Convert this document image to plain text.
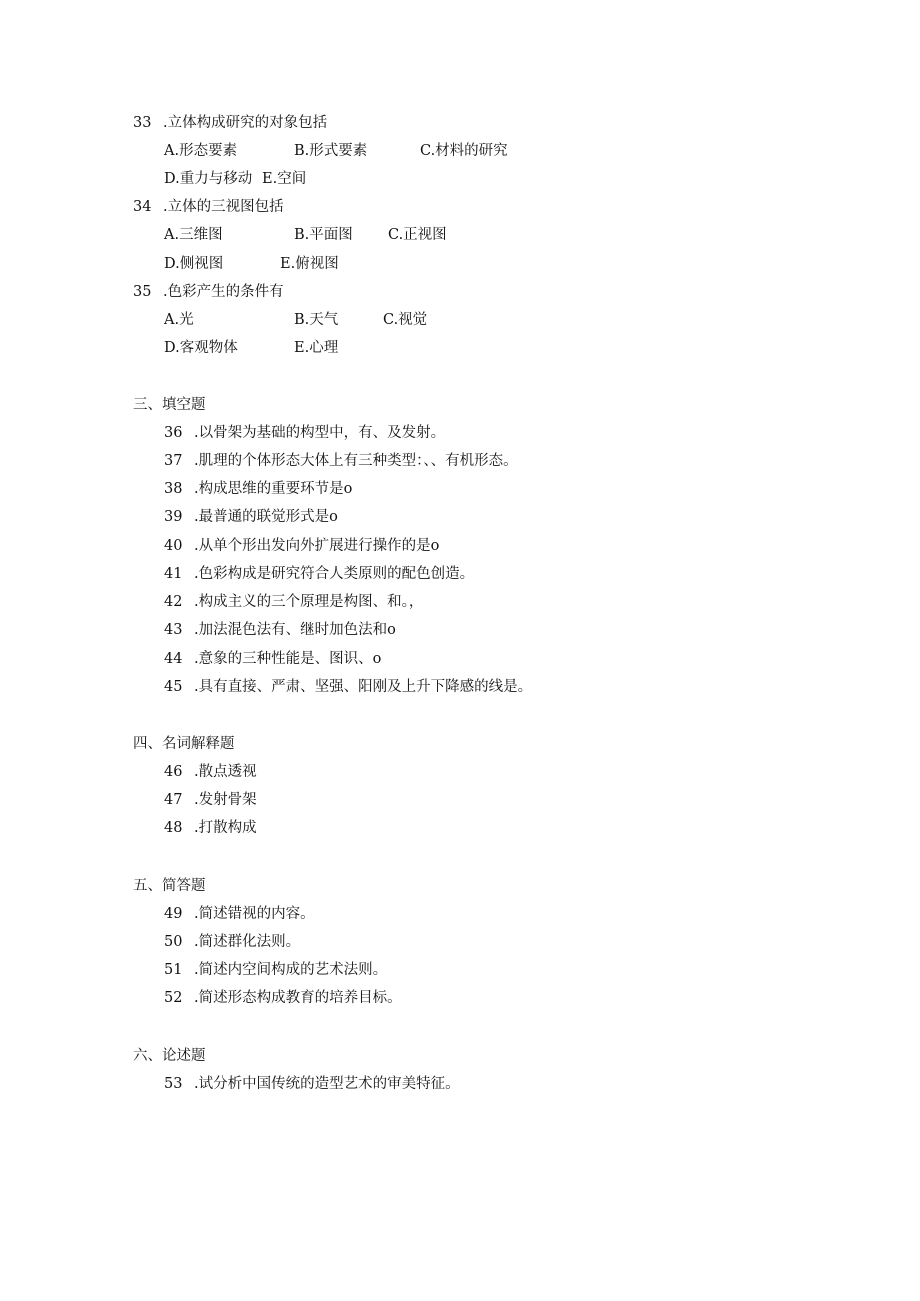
33 .立体构成研究的对象包括
A.形态要素	B.形式要素	C.材料的研究
D.重力与移动 E.空间
34 .立体的三视图包括
A.三维图	B.平面图 C.正视图
D.侧视图	E.俯视图
35 .色彩产生的条件有
A.光	B.天气	C.视觉
D.客观物体	E.心理
三、填空题
36 .以骨架为基础的构型中，有、及发射。
37 .肌理的个体形态大体上有三种类型：、、有机形态。
38 .构成思维的重要环节是o
39 .最普通的联觉形式是o
40 .从单个形出发向外扩展进行操作的是o
41 .色彩构成是研究符合人类原则的配色创造。
42 .构成主义的三个原理是构图、和。，
43 .加法混色法有、继时加色法和o
44 .意象的三种性能是、图识、o
45 .具有直接、严肃、坚强、阳刚及上升下降感的线是。
四、名词解释题
46 .散点透视
47 .发射骨架
48 .打散构成
五、简答题
49 .简述错视的内容。
50 .简述群化法则。
51 .简述内空间构成的艺术法则。
52 .简述形态构成教育的培养目标。
六、论述题
53 .试分析中国传统的造型艺术的审美特征。
